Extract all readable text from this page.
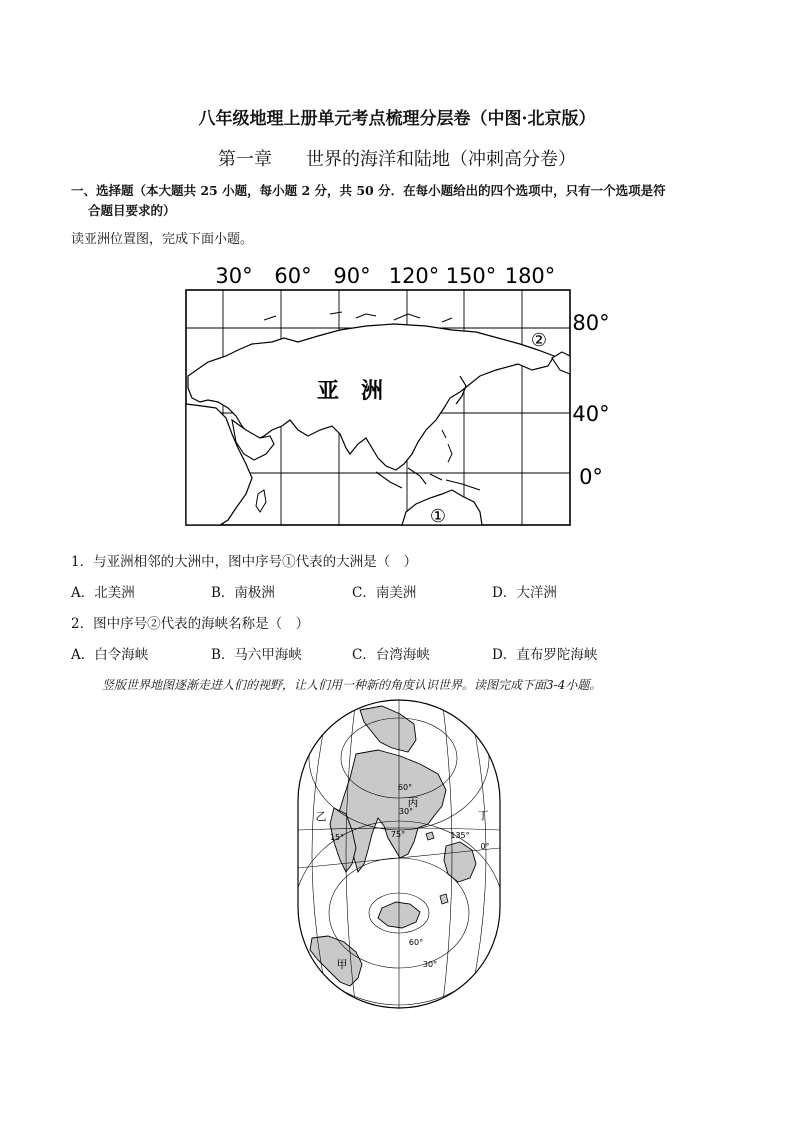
八年级地理上册单元考点梳理分层卷（中图·北京版）
第一章 世界的海洋和陆地（冲刺高分卷）
一、选择题（本大题共 25 小题，每小题 2 分，共 50 分．在每小题给出的四个选项中，只有一个选项是符
合题目要求的）
读亚洲位置图，完成下面小题。
30° 60° 90° 120° 150° 180°
80°
40°
0°
亚　洲
②
①
1．与亚洲相邻的大洲中，图中序号①代表的大洲是（　）
A．北美洲	B．南极洲	C．南美洲	D．大洋洲
2．图中序号②代表的海峡名称是（　）
A．白令海峡	B．马六甲海峡	C．台湾海峡	D．直布罗陀海峡
竖版世界地图逐渐走进人们的视野，让人们用一种新的角度认识世界。读图完成下面3-4小题。
乙
丙
丁
甲
60°
30°
15°	75°	135°
0°
60°
30°
